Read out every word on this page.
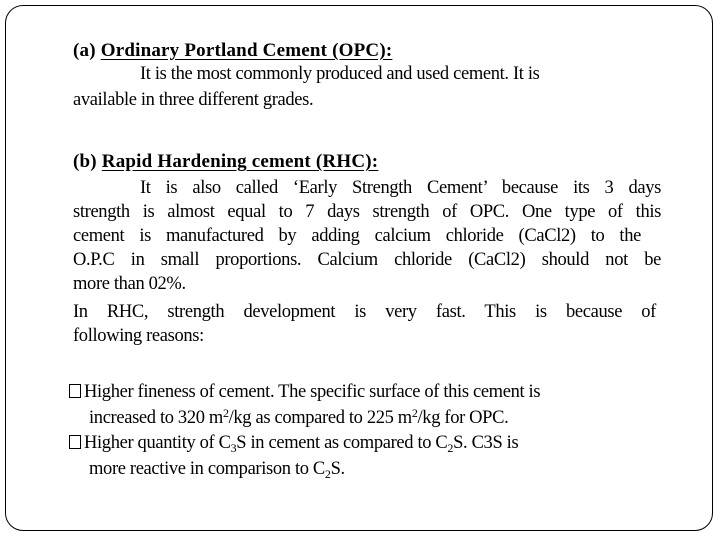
(a) Ordinary Portland Cement (OPC):
It is the most commonly produced and used cement. It is
available in three different grades.
(b) Rapid Hardening cement (RHC):
It is also called ‘Early Strength Cement’ because its 3 days
strength is almost equal to 7 days strength of OPC. One type of this
cement is manufactured by adding calcium chloride (CaCl2) to the
O.P.C in small proportions. Calcium chloride (CaCl2) should not be
more than 02%.
In RHC, strength development is very fast. This is because of
following reasons:
Higher fineness of cement. The specific surface of this cement is
increased to 320 $m^2/kg$ as compared to 225 $m^2/kg$ for OPC.
Higher quantity of $C_3S$ in cement as compared to $C_2S$. C3S is
more reactive in comparison to $C_2S$.
